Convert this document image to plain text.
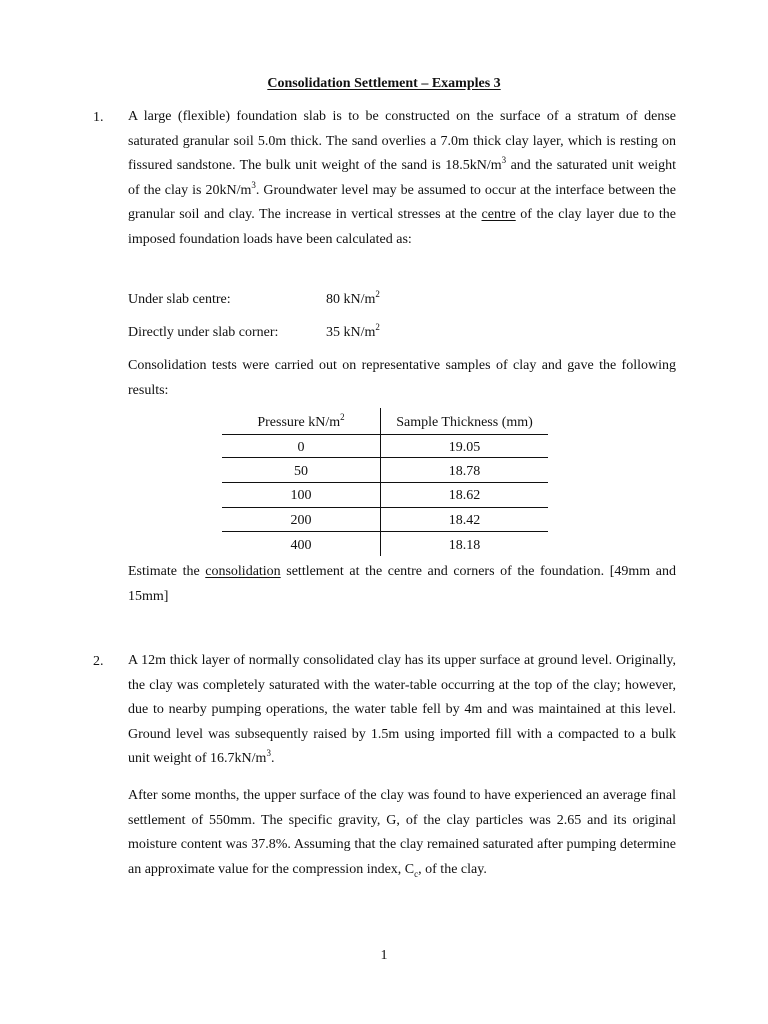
Consolidation Settlement – Examples 3
1. A large (flexible) foundation slab is to be constructed on the surface of a stratum of dense saturated granular soil 5.0m thick. The sand overlies a 7.0m thick clay layer, which is resting on fissured sandstone. The bulk unit weight of the sand is $18.5kN/m^3$ and the saturated unit weight of the clay is $20kN/m^3$. Groundwater level may be assumed to occur at the interface between the granular soil and clay. The increase in vertical stresses at the centre of the clay layer due to the imposed foundation loads have been calculated as:

Under slab centre:	80 $kN/m^2$
Directly under slab corner:	35 $kN/m^2$

Consolidation tests were carried out on representative samples of clay and gave the following results:

Pressure $kN/m^2$	Sample Thickness (mm)
0	19.05
50	18.78
100	18.62
200	18.42
400	18.18

Estimate the consolidation settlement at the centre and corners of the foundation. [49mm and 15mm]

2. A 12m thick layer of normally consolidated clay has its upper surface at ground level. Originally, the clay was completely saturated with the water-table occurring at the top of the clay; however, due to nearby pumping operations, the water table fell by 4m and was maintained at this level. Ground level was subsequently raised by 1.5m using imported fill with a compacted to a bulk unit weight of $16.7kN/m^3$.

After some months, the upper surface of the clay was found to have experienced an average final settlement of 550mm. The specific gravity, G, of the clay particles was 2.65 and its original moisture content was 37.8%. Assuming that the clay remained saturated after pumping determine an approximate value for the compression index, $C_c$, of the clay.

1
